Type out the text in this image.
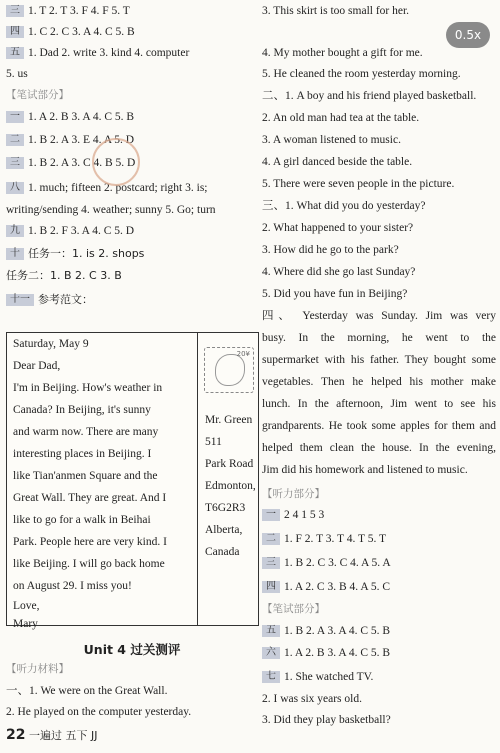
0.5x
三 1. T 2. T 3. F 4. F 5. T
四 1. C 2. C 3. A 4. C 5. B
五 1. Dad 2. write 3. kind 4. computer
5. us
【笔试部分】
一 1. A 2. B 3. A 4. C 5. B
二 1. B 2. A 3. E 4. A 5. D
三 1. B 2. A 3. C 4. B 5. D
八 1. much; fifteen 2. postcard; right 3. is;
writing/sending 4. weather; sunny 5. Go; turn
九 1. B 2. F 3. A 4. C 5. D
十 任务一：1. is 2. shops
任务二：1. B 2. C 3. B
十一 参考范文：
20¥
Saturday, May 9
Dear Dad,
I'm in Beijing. How's weather in
Canada? In Beijing, it's sunny
and warm now. There are many
interesting places in Beijing. I
like Tian'anmen Square and the
Great Wall. They are great. And I
like to go for a walk in Beihai
Park. People here are very kind. I
like Beijing. I will go back home
on August 29. I miss you!
Love,
Mary
Mr. Green
511
Park Road
Edmonton,
T6G2R3
Alberta,
Canada
Unit 4 过关测评
【听力材料】
一、1. We were on the Great Wall.
2. He played on the computer yesterday.
22 一遍过 五下 JJ
3. This skirt is too small for her.
4. My mother bought a gift for me.
5. He cleaned the room yesterday morning.
二、1. A boy and his friend played basketball.
2. An old man had tea at the table.
3. A woman listened to music.
4. A girl danced beside the table.
5. There were seven people in the picture.
三、1. What did you do yesterday?
2. What happened to your sister?
3. How did he go to the park?
4. Where did she go last Sunday?
5. Did you have fun in Beijing?
四、 Yesterday was Sunday. Jim was very
busy. In the morning, he went to the
supermarket with his father. They bought some
vegetables. Then he helped his mother make
lunch. In the afternoon, Jim went to see his
grandparents. He took some apples for them and
helped them clean the house. In the evening,
Jim did his homework and listened to music.
【听力部分】
一 2 4 1 5 3
二 1. F 2. T 3. T 4. T 5. T
三 1. B 2. C 3. C 4. A 5. A
四 1. A 2. C 3. B 4. A 5. C
【笔试部分】
五 1. B 2. A 3. A 4. C 5. B
六 1. A 2. B 3. A 4. C 5. B
七 1. She watched TV.
2. I was six years old.
3. Did they play basketball?
